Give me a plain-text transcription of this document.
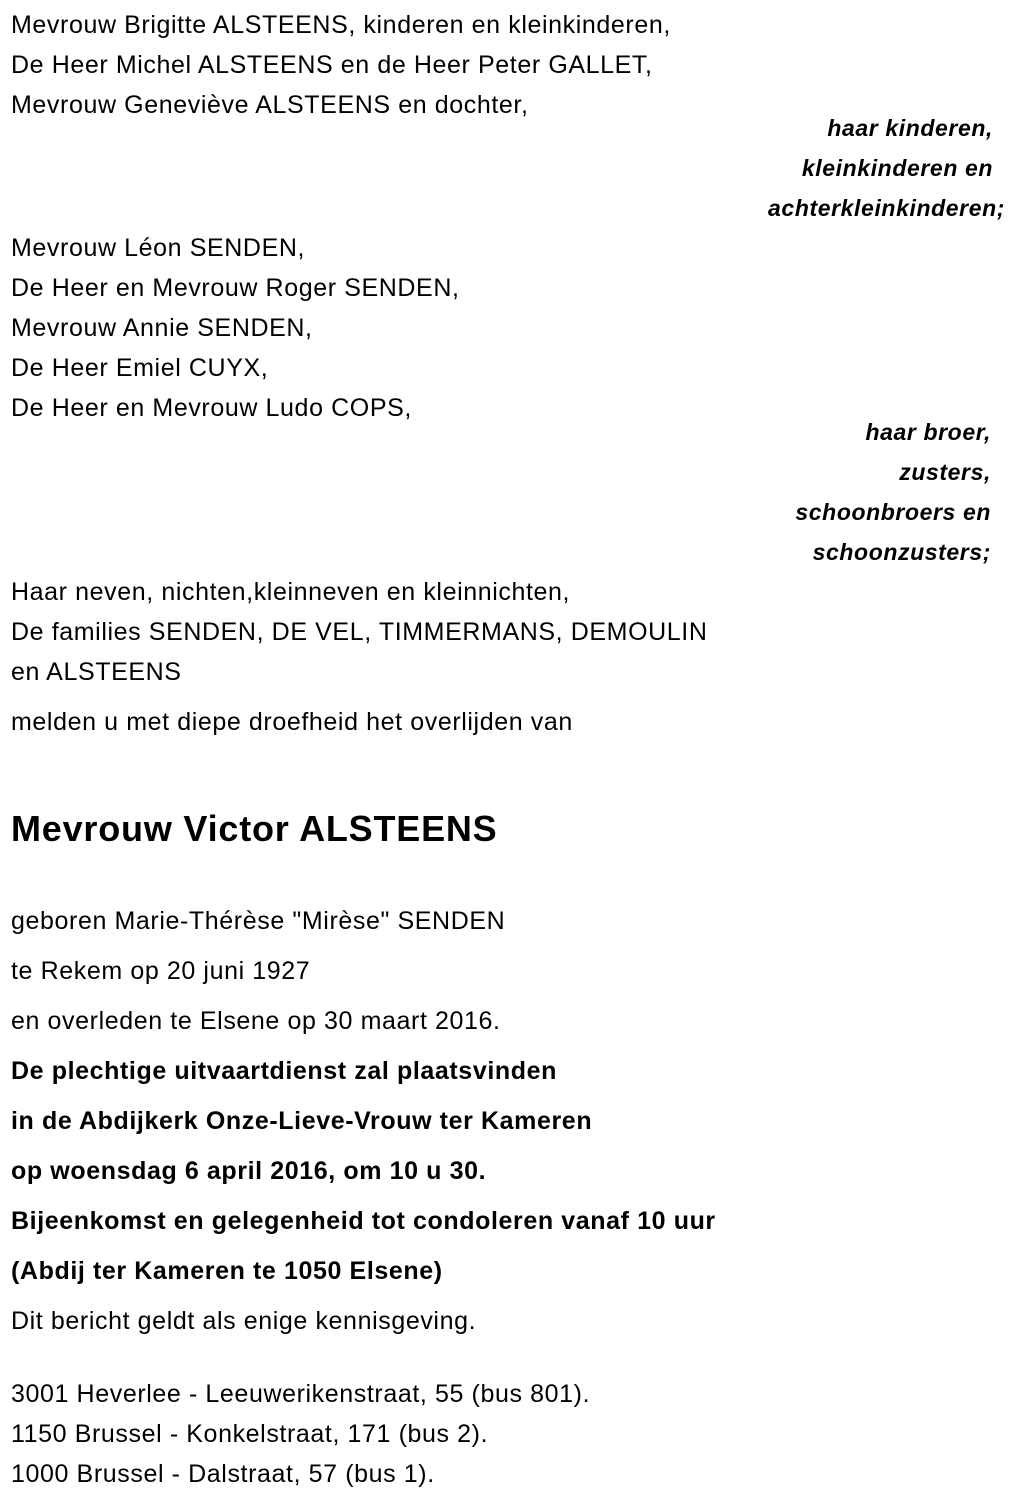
Mevrouw Brigitte ALSTEENS, kinderen en kleinkinderen,
De Heer Michel ALSTEENS en de Heer Peter GALLET,
Mevrouw Geneviève ALSTEENS en dochter,
haar kinderen,
kleinkinderen en
achterkleinkinderen;
Mevrouw Léon SENDEN,
De Heer en Mevrouw Roger SENDEN,
Mevrouw Annie SENDEN,
De Heer Emiel CUYX,
De Heer en Mevrouw Ludo COPS,
haar broer,
zusters,
schoonbroers en
schoonzusters;
Haar neven, nichten,kleinneven en kleinnichten,
De families SENDEN, DE VEL, TIMMERMANS, DEMOULIN
en ALSTEENS
melden u met diepe droefheid het overlijden van
Mevrouw Victor ALSTEENS
geboren Marie-Thérèse "Mirèse" SENDEN
te Rekem op 20 juni 1927
en overleden te Elsene op 30 maart 2016.
De plechtige uitvaartdienst zal plaatsvinden
in de Abdijkerk Onze-Lieve-Vrouw ter Kameren
op woensdag 6 april 2016, om 10 u 30.
Bijeenkomst en gelegenheid tot condoleren vanaf 10 uur
(Abdij ter Kameren te 1050 Elsene)
Dit bericht geldt als enige kennisgeving.
3001 Heverlee - Leeuwerikenstraat, 55 (bus 801).
1150 Brussel - Konkelstraat, 171 (bus 2).
1000 Brussel - Dalstraat, 57 (bus 1).
